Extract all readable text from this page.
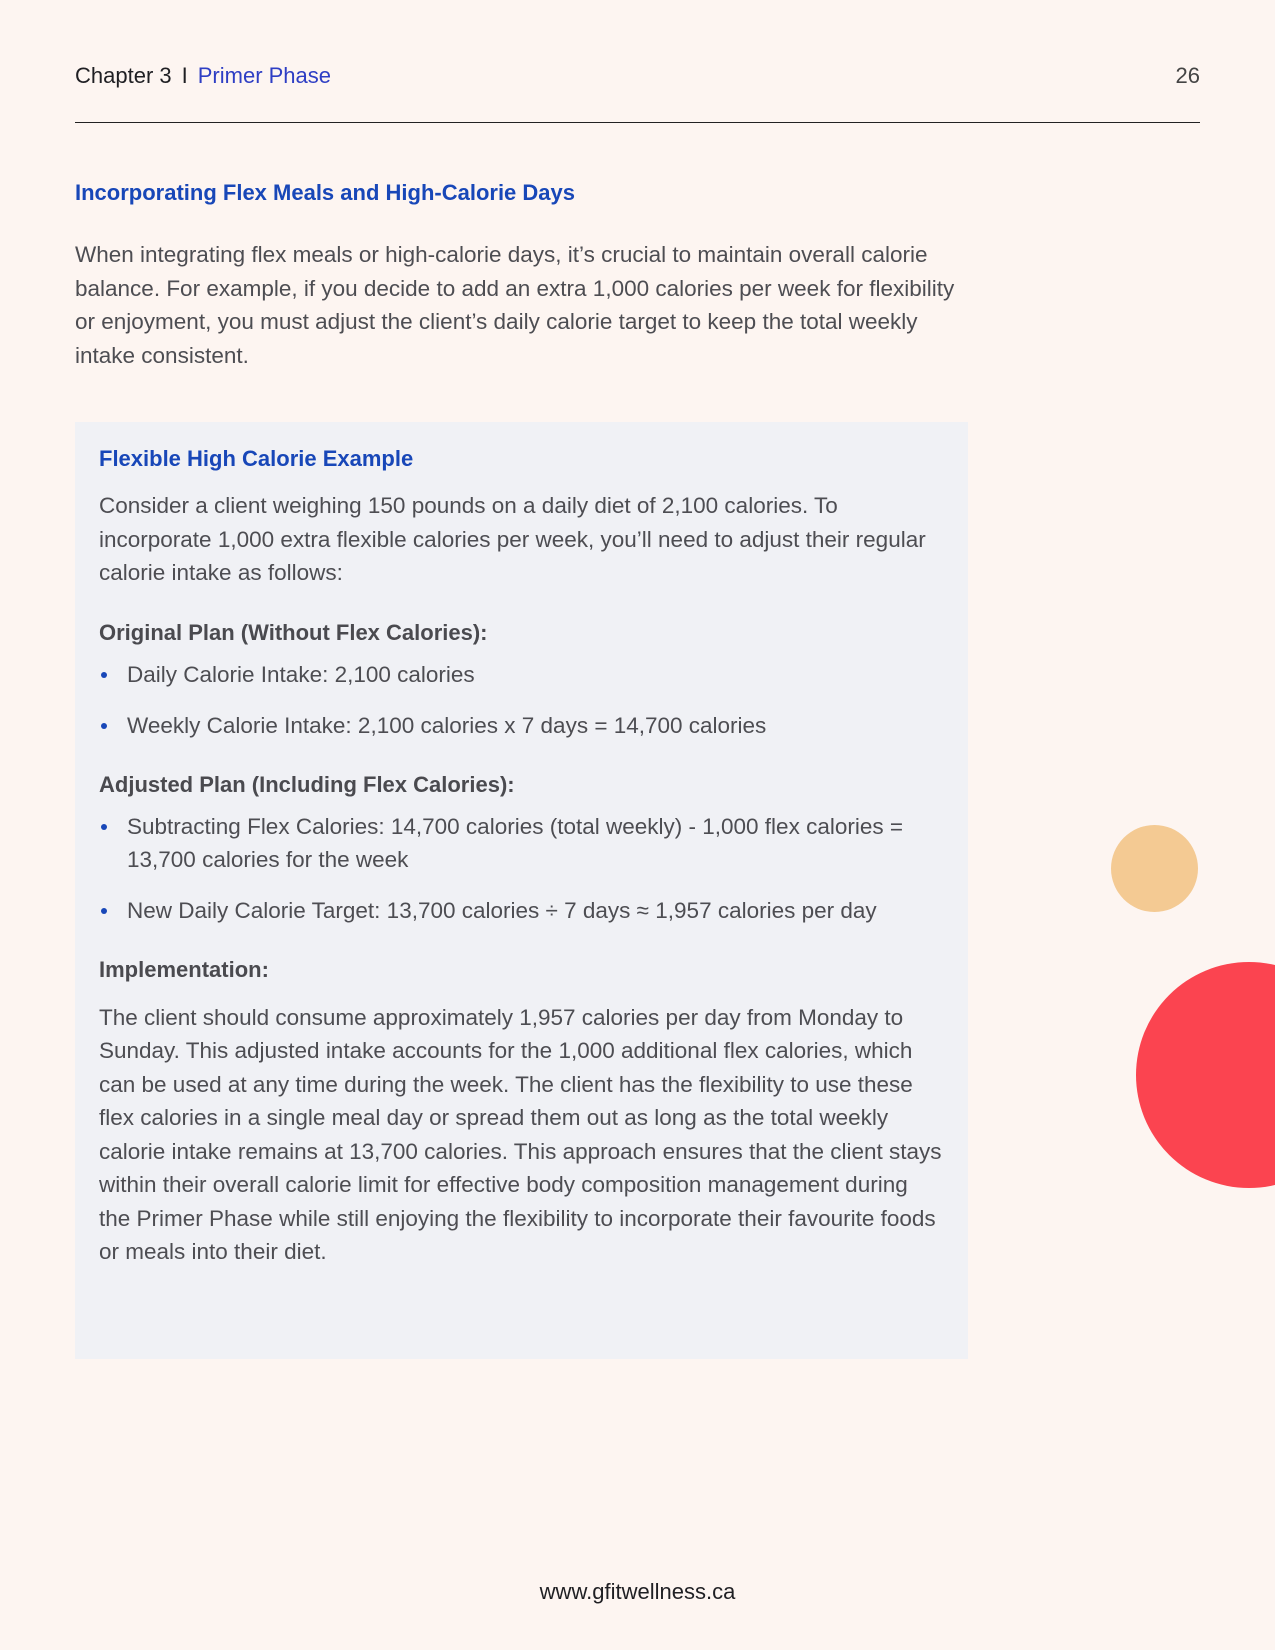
Chapter 3 I Primer Phase	26
Incorporating Flex Meals and High-Calorie Days

When integrating flex meals or high-calorie days, it’s crucial to maintain overall calorie balance. For example, if you decide to add an extra 1,000 calories per week for flexibility or enjoyment, you must adjust the client’s daily calorie target to keep the total weekly intake consistent.

Flexible High Calorie Example

Consider a client weighing 150 pounds on a daily diet of 2,100 calories. To incorporate 1,000 extra flexible calories per week, you’ll need to adjust their regular calorie intake as follows:

Original Plan (Without Flex Calories):
Daily Calorie Intake: 2,100 calories
Weekly Calorie Intake: 2,100 calories x 7 days = 14,700 calories
Adjusted Plan (Including Flex Calories):
Subtracting Flex Calories: 14,700 calories (total weekly) - 1,000 flex calories = 13,700 calories for the week
New Daily Calorie Target: 13,700 calories ÷ 7 days ≈ 1,957 calories per day
Implementation:

The client should consume approximately 1,957 calories per day from Monday to Sunday. This adjusted intake accounts for the 1,000 additional flex calories, which can be used at any time during the week. The client has the flexibility to use these flex calories in a single meal day or spread them out as long as the total weekly calorie intake remains at 13,700 calories. This approach ensures that the client stays within their overall calorie limit for effective body composition management during the Primer Phase while still enjoying the flexibility to incorporate their favourite foods or meals into their diet.

www.gfitwellness.ca
